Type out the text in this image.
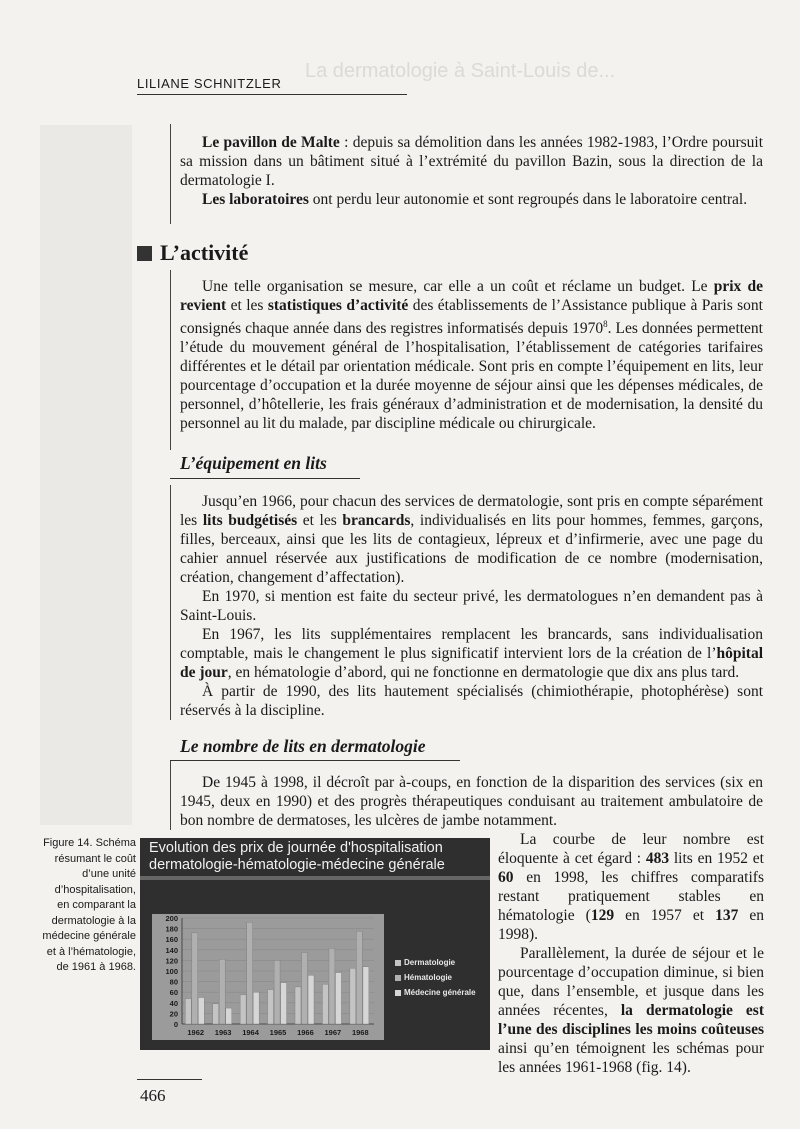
La dermatologie à Saint-Louis de...
LILIANE SCHNITZLER

Le pavillon de Malte : depuis sa démolition dans les années 1982-1983, l’Ordre poursuit sa mission dans un bâtiment situé à l’extrémité du pavillon Bazin, sous la direction de la dermatologie I.

Les laboratoires ont perdu leur autonomie et sont regroupés dans le laboratoire central.

L’activité

Une telle organisation se mesure, car elle a un coût et réclame un budget. Le prix de revient et les statistiques d’activité des établissements de l’Assistance publique à Paris sont consignés chaque année dans des registres informatisés depuis 1970$^8$. Les données permettent l’étude du mouvement général de l’hospitalisation, l’établissement de catégories tarifaires différentes et le détail par orientation médicale. Sont pris en compte l’équipement en lits, leur pourcentage d’occupation et la durée moyenne de séjour ainsi que les dépenses médicales, de personnel, d’hôtellerie, les frais généraux d’administration et de modernisation, la densité du personnel au lit du malade, par discipline médicale ou chirurgicale.

L’équipement en lits

Jusqu’en 1966, pour chacun des services de dermatologie, sont pris en compte séparément les lits budgétisés et les brancards, individualisés en lits pour hommes, femmes, garçons, filles, berceaux, ainsi que les lits de contagieux, lépreux et d’infirmerie, avec une page du cahier annuel réservée aux justifications de modification de ce nombre (modernisation, création, changement d’affectation).

En 1970, si mention est faite du secteur privé, les dermatologues n’en demandent pas à Saint-Louis.

En 1967, les lits supplémentaires remplacent les brancards, sans individualisation comptable, mais le changement le plus significatif intervient lors de la création de l’hôpital de jour, en hématologie d’abord, qui ne fonctionne en dermatologie que dix ans plus tard.

À partir de 1990, des lits hautement spécialisés (chimiothérapie, photophérèse) sont réservés à la discipline.

Le nombre de lits en dermatologie

De 1945 à 1998, il décroît par à-coups, en fonction de la disparition des services (six en 1945, deux en 1990) et des progrès thérapeutiques conduisant au traitement ambulatoire de bon nombre de dermatoses, les ulcères de jambe notamment.

Figure 14. Schéma résumant le coût d’une unité d’hospitalisation, en comparant la dermatologie à la médecine générale et à l’hématologie, de 1961 à 1968.
Evolution des prix de journée d'hospitalisation dermatologie-hématologie-médecine générale
0
20
40
60
80
100
120
140
160
180
200
1962 1963 1964 1965 1966 1967 1968
Dermatologie
Hématologie
Médecine générale

La courbe de leur nombre est éloquente à cet égard : 483 lits en 1952 et 60 en 1998, les chiffres comparatifs restant pratiquement stables en hématologie (129 en 1957 et 137 en 1998).

Parallèlement, la durée de séjour et le pourcentage d’occupation diminue, si bien que, dans l’ensemble, et jusque dans les années récentes, la dermatologie est l’une des disciplines les moins coûteuses ainsi qu’en témoignent les schémas pour les années 1961-1968 (fig. 14).

466
